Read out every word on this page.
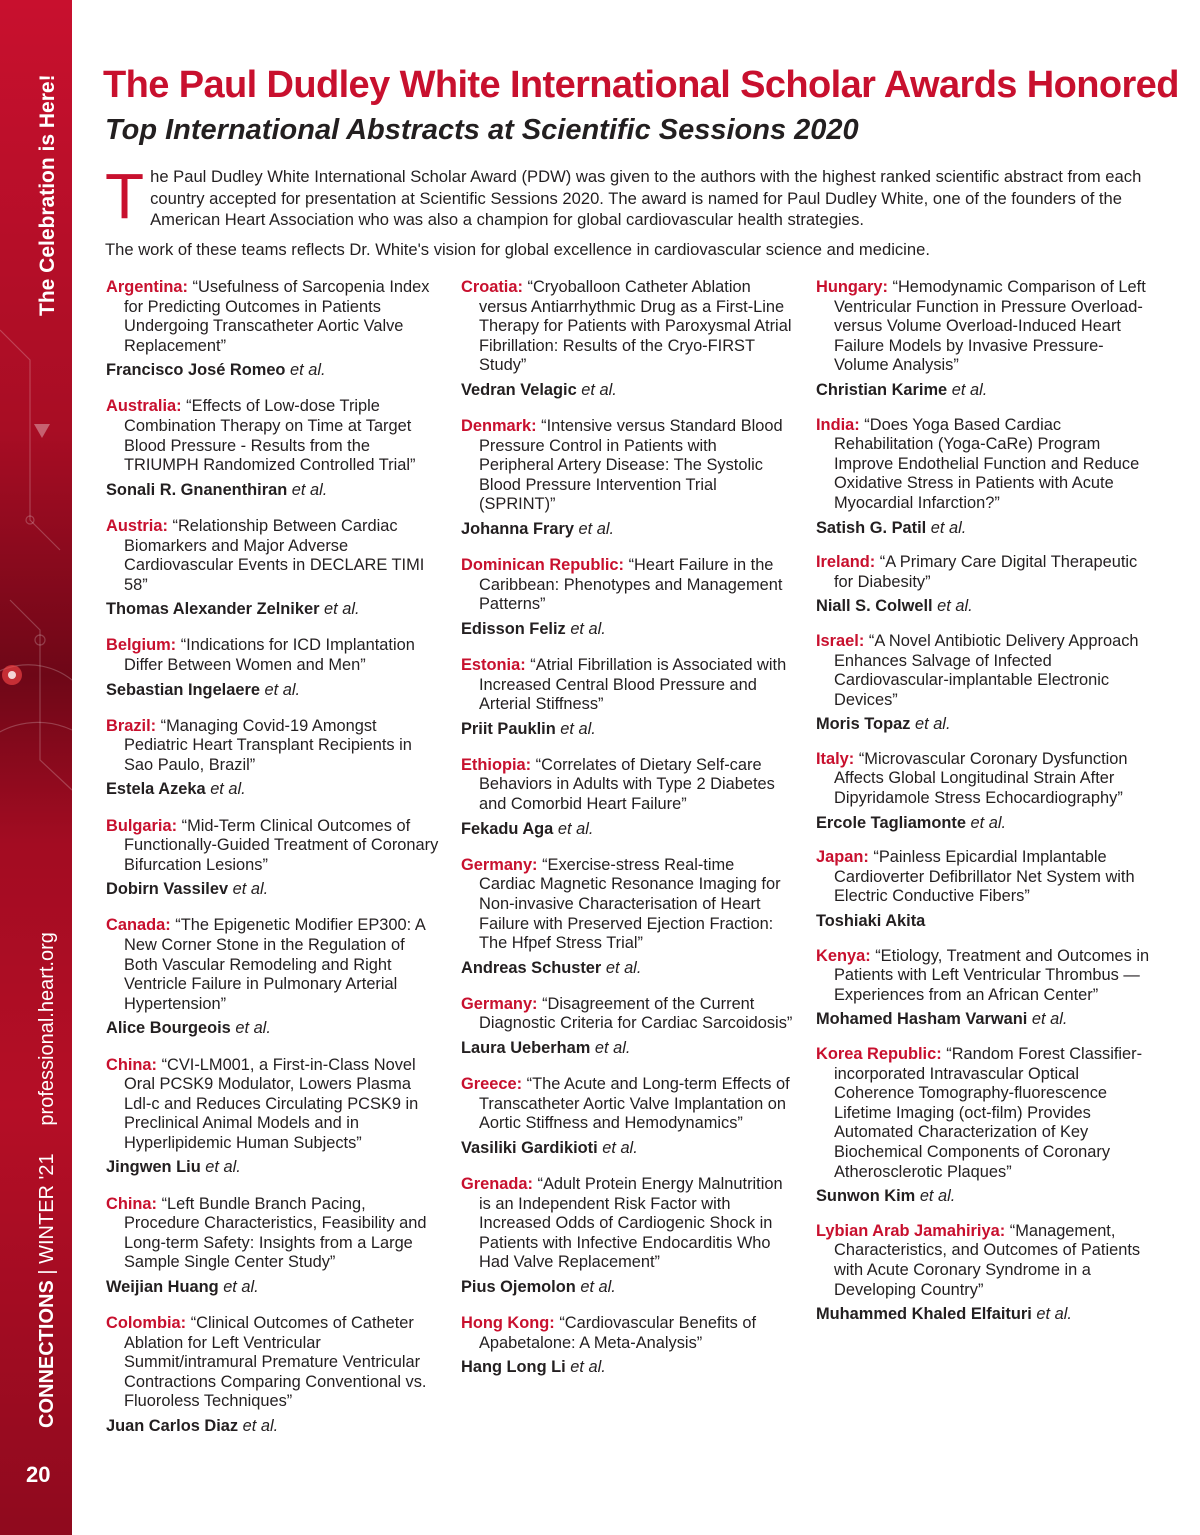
The Celebration is Here!
CONNECTIONS | WINTER '21     professional.heart.org
20
The Paul Dudley White International Scholar Awards Honored
Top International Abstracts at Scientific Sessions 2020

T he Paul Dudley White International Scholar Award (PDW) was given to the authors with the highest ranked scientific abstract from each country accepted for presentation at Scientific Sessions 2020. The award is named for Paul Dudley White, one of the founders of the American Heart Association who was also a champion for global cardiovascular health strategies.

The work of these teams reflects Dr. White's vision for global excellence in cardiovascular science and medicine.

Argentina: “Usefulness of Sarcopenia Index for Predicting Outcomes in Patients Undergoing Transcatheter Aortic Valve Replacement”

Francisco José Romeo et al.

Australia: “Effects of Low-dose Triple Combination Therapy on Time at Target Blood Pressure - Results from the TRIUMPH Randomized Controlled Trial”

Sonali R. Gnanenthiran et al.

Austria: “Relationship Between Cardiac Biomarkers and Major Adverse Cardiovascular Events in DECLARE TIMI 58”

Thomas Alexander Zelniker et al.

Belgium: “Indications for ICD Implantation Differ Between Women and Men”

Sebastian Ingelaere et al.

Brazil: “Managing Covid-19 Amongst Pediatric Heart Transplant Recipients in Sao Paulo, Brazil”

Estela Azeka et al.

Bulgaria: “Mid-Term Clinical Outcomes of Functionally-Guided Treatment of Coronary Bifurcation Lesions”

Dobirn Vassilev et al.

Canada: “The Epigenetic Modifier EP300: A New Corner Stone in the Regulation of Both Vascular Remodeling and Right Ventricle Failure in Pulmonary Arterial Hypertension”

Alice Bourgeois et al.

China: “CVI-LM001, a First-in-Class Novel Oral PCSK9 Modulator, Lowers Plasma Ldl-c and Reduces Circulating PCSK9 in Preclinical Animal Models and in Hyperlipidemic Human Subjects”

Jingwen Liu et al.

China: “Left Bundle Branch Pacing, Procedure Characteristics, Feasibility and Long-term Safety: Insights from a Large Sample Single Center Study”

Weijian Huang et al.

Colombia: “Clinical Outcomes of Catheter Ablation for Left Ventricular Summit/intramural Premature Ventricular Contractions Comparing Conventional vs. Fluoroless Techniques”

Juan Carlos Diaz et al.

Croatia: “Cryoballoon Catheter Ablation versus Antiarrhythmic Drug as a First-Line Therapy for Patients with Paroxysmal Atrial Fibrillation: Results of the Cryo-FIRST Study”

Vedran Velagic et al.

Denmark: “Intensive versus Standard Blood Pressure Control in Patients with Peripheral Artery Disease: The Systolic Blood Pressure Intervention Trial (SPRINT)”

Johanna Frary et al.

Dominican Republic: “Heart Failure in the Caribbean: Phenotypes and Management Patterns”

Edisson Feliz et al.

Estonia: “Atrial Fibrillation is Associated with Increased Central Blood Pressure and Arterial Stiffness”

Priit Pauklin et al.

Ethiopia: “Correlates of Dietary Self-care Behaviors in Adults with Type 2 Diabetes and Comorbid Heart Failure”

Fekadu Aga et al.

Germany: “Exercise-stress Real-time Cardiac Magnetic Resonance Imaging for Non-invasive Characterisation of Heart Failure with Preserved Ejection Fraction: The Hfpef Stress Trial”

Andreas Schuster et al.

Germany: “Disagreement of the Current Diagnostic Criteria for Cardiac Sarcoidosis”

Laura Ueberham et al.

Greece: “The Acute and Long-term Effects of Transcatheter Aortic Valve Implantation on Aortic Stiffness and Hemodynamics”

Vasiliki Gardikioti et al.

Grenada: “Adult Protein Energy Malnutrition is an Independent Risk Factor with Increased Odds of Cardiogenic Shock in Patients with Infective Endocarditis Who Had Valve Replacement”

Pius Ojemolon et al.

Hong Kong: “Cardiovascular Benefits of Apabetalone: A Meta-Analysis”

Hang Long Li et al.

Hungary: “Hemodynamic Comparison of Left Ventricular Function in Pressure Overload- versus Volume Overload-Induced Heart Failure Models by Invasive Pressure-Volume Analysis”

Christian Karime et al.

India: “Does Yoga Based Cardiac Rehabilitation (Yoga-CaRe) Program Improve Endothelial Function and Reduce Oxidative Stress in Patients with Acute Myocardial Infarction?”

Satish G. Patil et al.

Ireland: “A Primary Care Digital Therapeutic for Diabesity”

Niall S. Colwell et al.

Israel: “A Novel Antibiotic Delivery Approach Enhances Salvage of Infected Cardiovascular-implantable Electronic Devices”

Moris Topaz et al.

Italy: “Microvascular Coronary Dysfunction Affects Global Longitudinal Strain After Dipyridamole Stress Echocardiography”

Ercole Tagliamonte et al.

Japan: “Painless Epicardial Implantable Cardioverter Defibrillator Net System with Electric Conductive Fibers”

Toshiaki Akita

Kenya: “Etiology, Treatment and Outcomes in Patients with Left Ventricular Thrombus — Experiences from an African Center”

Mohamed Hasham Varwani et al.

Korea Republic: “Random Forest Classifier-incorporated Intravascular Optical Coherence Tomography-fluorescence Lifetime Imaging (oct-film) Provides Automated Characterization of Key Biochemical Components of Coronary Atherosclerotic Plaques”

Sunwon Kim et al.

Lybian Arab Jamahiriya: “Management, Characteristics, and Outcomes of Patients with Acute Coronary Syndrome in a Developing Country”

Muhammed Khaled Elfaituri et al.
